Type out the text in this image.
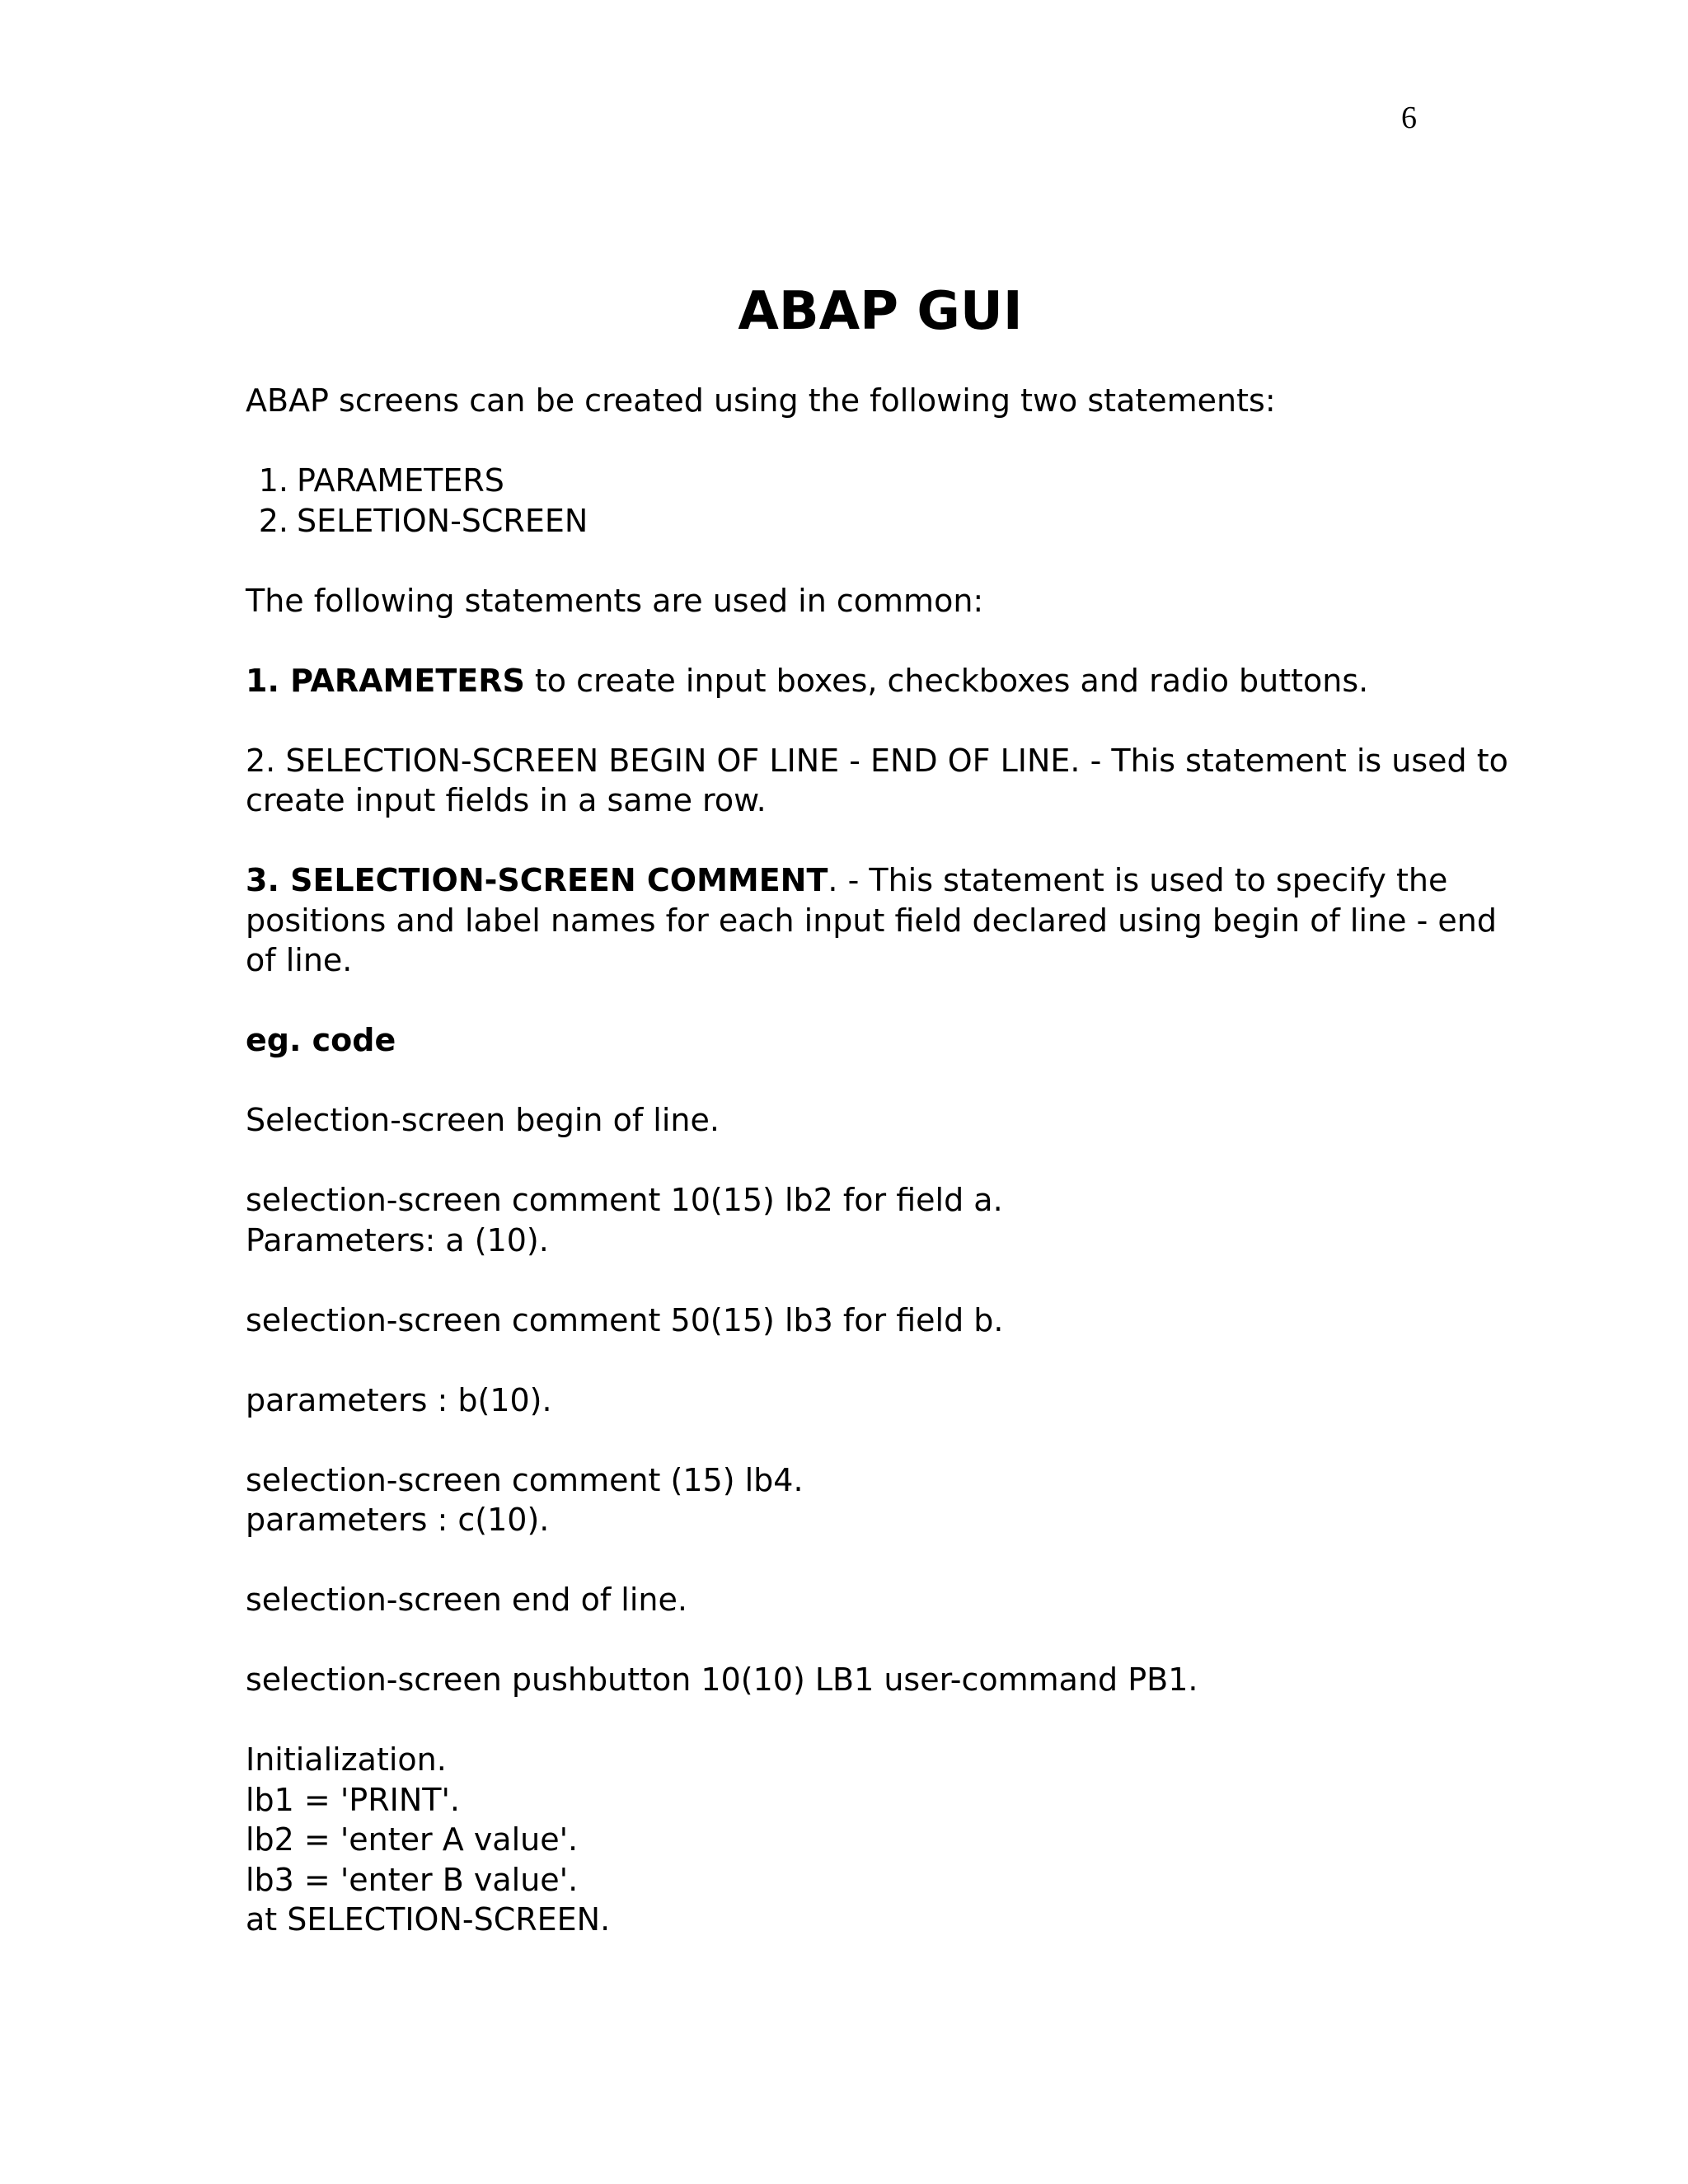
6
ABAP GUI

ABAP screens can be created using the following two statements:

1. PARAMETERS
2. SELETION-SCREEN

The following statements are used in common:

1. PARAMETERS to create input boxes, checkboxes and radio buttons.

2. SELECTION-SCREEN BEGIN OF LINE - END OF LINE. - This statement is used to create input fields in a same row.

3. SELECTION-SCREEN COMMENT. - This statement is used to specify the positions and label names for each input field declared using begin of line - end of line.

eg. code

Selection-screen begin of line.

selection-screen comment 10(15) lb2 for field a.

Parameters: a (10).

selection-screen comment 50(15) lb3 for field b.

parameters : b(10).

selection-screen comment (15) lb4.

parameters : c(10).

selection-screen end of line.

selection-screen pushbutton 10(10) LB1 user-command PB1.

Initialization.

lb1 = 'PRINT'.

lb2 = 'enter A value'.

lb3 = 'enter B value'.

at SELECTION-SCREEN.
